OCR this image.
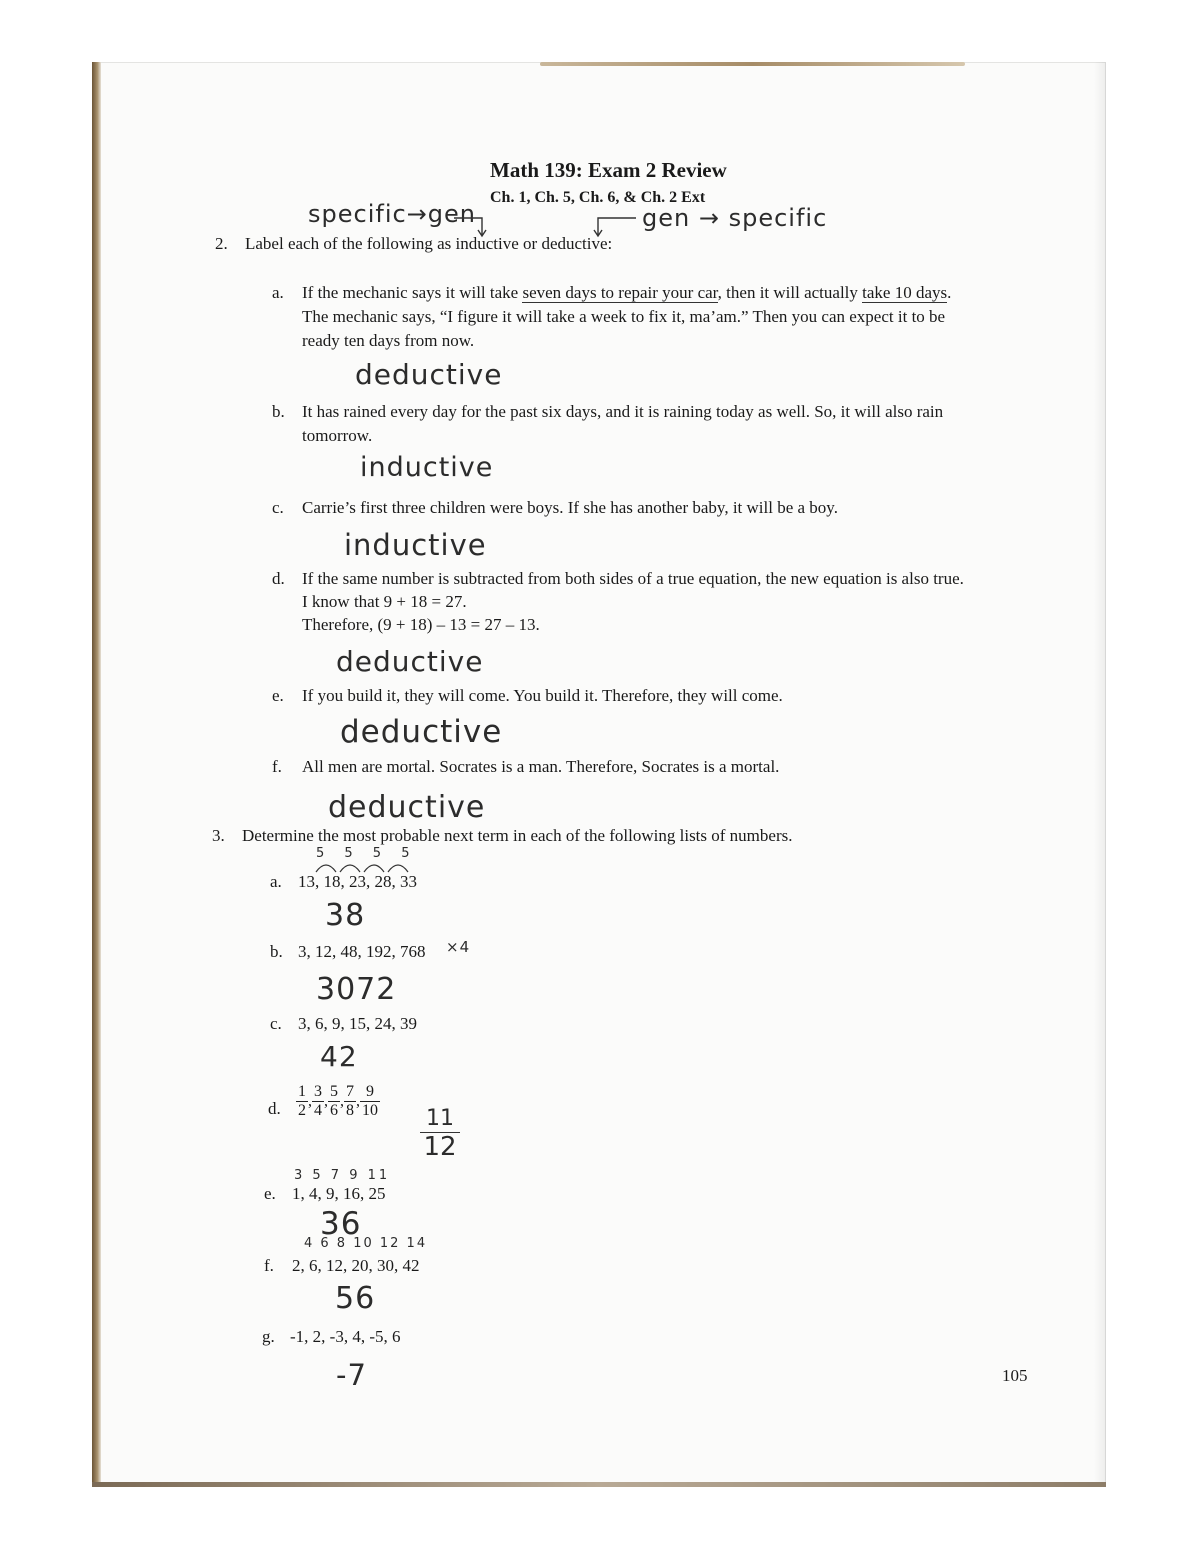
Math 139: Exam 2 Review
Ch. 1, Ch. 5, Ch. 6, & Ch. 2 Ext
specific→gen	gen → specific
2. Label each of the following as inductive or deductive:
a. If the mechanic says it will take seven days to repair your car, then it will actually take 10 days.
The mechanic says, “I figure it will take a week to fix it, ma’am.” Then you can expect it to be
ready ten days from now.
deductive
b. It has rained every day for the past six days, and it is raining today as well. So, it will also rain
tomorrow.
inductive
c. Carrie’s first three children were boys. If she has another baby, it will be a boy.
inductive
d. If the same number is subtracted from both sides of a true equation, the new equation is also true.
I know that 9 + 18 = 27.
Therefore, (9 + 18) – 13 = 27 – 13.
deductive
e. If you build it, they will come. You build it. Therefore, they will come.
deductive
f. All men are mortal. Socrates is a man. Therefore, Socrates is a mortal.
deductive
3. Determine the most probable next term in each of the following lists of numbers.
5 5 5 5
a. 13, 18, 23, 28, 33
38
b. 3, 12, 48, 192, 768 ×4
3072
c. 3, 6, 9, 15, 24, 39
42
d. $\frac{1}{2}$ , $\frac{3}{4}$ , $\frac{5}{6}$ , $\frac{7}{8}$ , $\frac{9}{10} 11$
12
3 5 7 9 11
e. 1, 4, 9, 16, 25
36
4 6 8 10 12 14
f. 2, 6, 12, 20, 30, 42
56
g. -1, 2, -3, 4, -5, 6
-7	105
